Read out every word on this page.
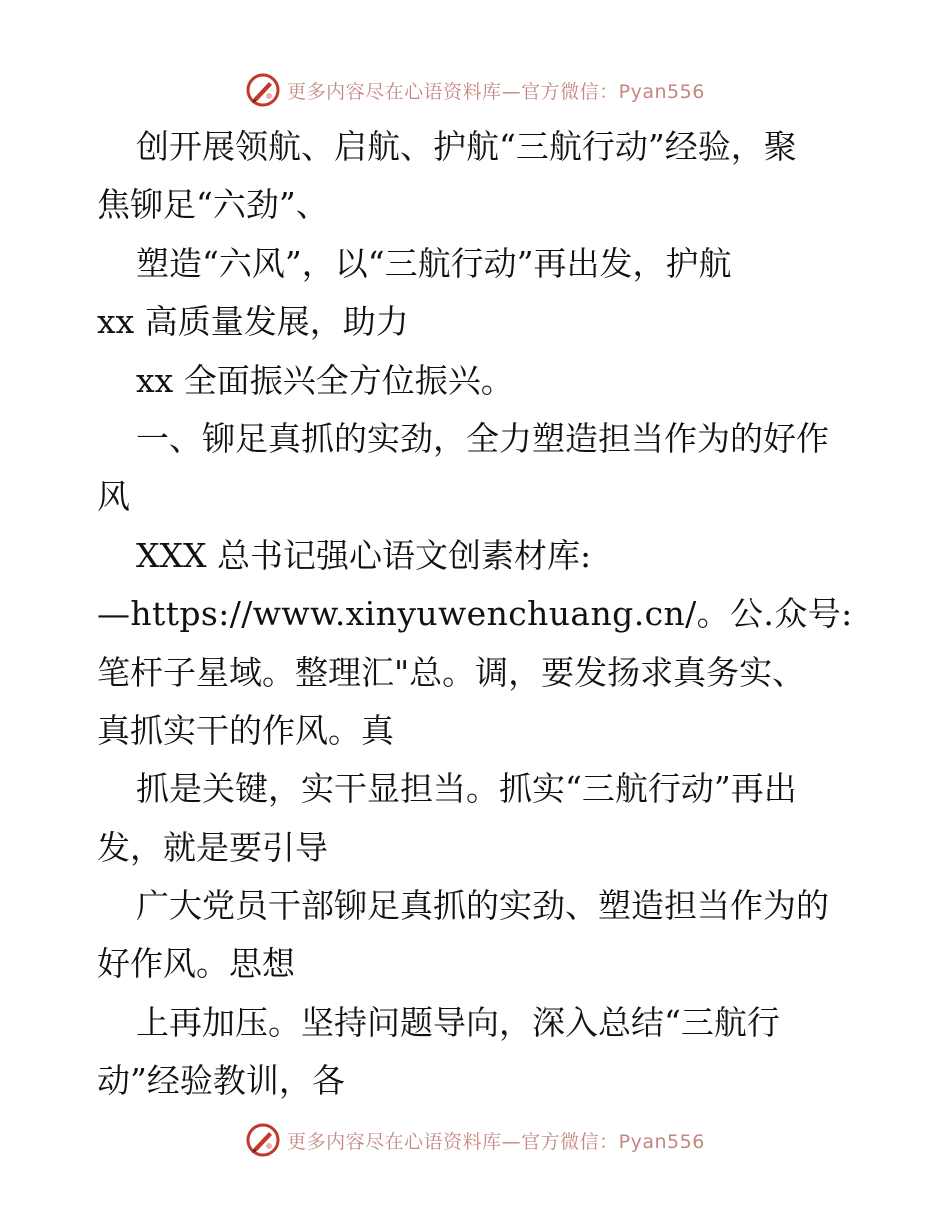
更多内容尽在心语资料库—官方微信：Pyan556
创开展领航、启航、护航“三航行动”经验，聚
焦铆足“六劲”、
塑造“六风”，以“三航行动”再出发，护航
xx 高质量发展，助力
xx 全面振兴全方位振兴。
一、铆足真抓的实劲，全力塑造担当作为的好作
风
XXX 总书记强心语文创素材库:
—https://www.xinyuwenchuang.cn/。公.众号:
笔杆子星域。整理汇"总。调，要发扬求真务实、
真抓实干的作风。真
抓是关键，实干显担当。抓实“三航行动”再出
发，就是要引导
广大党员干部铆足真抓的实劲、塑造担当作为的
好作风。思想
上再加压。坚持问题导向，深入总结“三航行
动”经验教训，各
更多内容尽在心语资料库—官方微信：Pyan556
